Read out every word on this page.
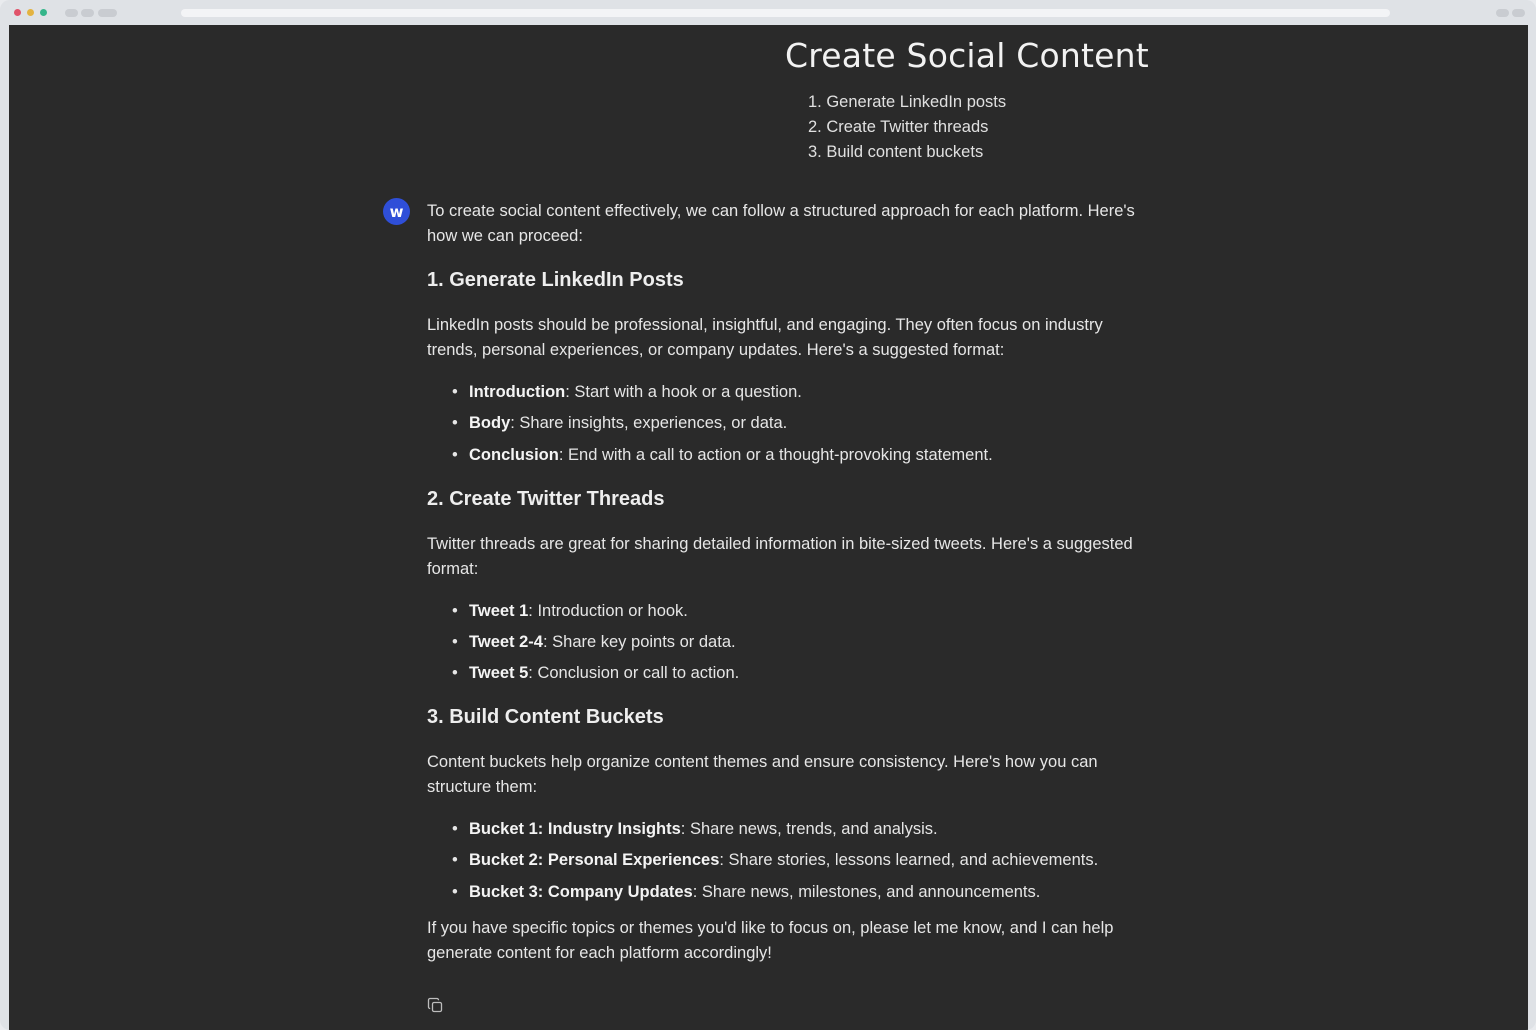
Create Social Content
1. Generate LinkedIn posts
2. Create Twitter threads
3. Build content buckets
w	To create social content effectively, we can follow a structured approach for each platform. Here's how we can proceed:

1. Generate LinkedIn Posts

LinkedIn posts should be professional, insightful, and engaging. They often focus on industry trends, personal experiences, or company updates. Here's a suggested format:

• Introduction: Start with a hook or a question.
• Body: Share insights, experiences, or data.
• Conclusion: End with a call to action or a thought-provoking statement.
2. Create Twitter Threads

Twitter threads are great for sharing detailed information in bite-sized tweets. Here's a suggested format:

• Tweet 1: Introduction or hook.
• Tweet 2-4: Share key points or data.
• Tweet 5: Conclusion or call to action.
3. Build Content Buckets

Content buckets help organize content themes and ensure consistency. Here's how you can structure them:

• Bucket 1: Industry Insights: Share news, trends, and analysis.
• Bucket 2: Personal Experiences: Share stories, lessons learned, and achievements.
• Bucket 3: Company Updates: Share news, milestones, and announcements.

If you have specific topics or themes you'd like to focus on, please let me know, and I can help generate content for each platform accordingly!
